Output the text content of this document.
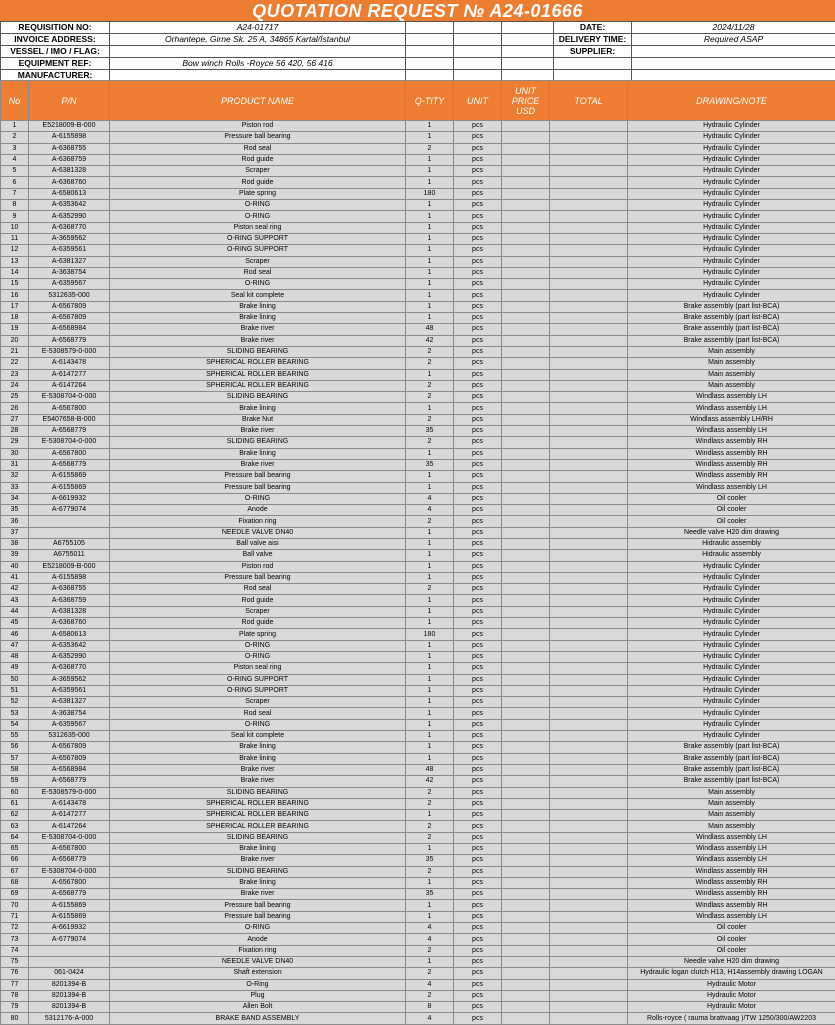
QUOTATION REQUEST № A24-01666
REQUISITION NO:	A24-01717				DATE:	2024/11/28
INVOICE ADDRESS:	Orhantepe, Girne Sk. 25 A, 34865 Kartal/İstanbul				DELIVERY TIME:	Required ASAP
VESSEL / IMO / FLAG:					SUPPLIER:	
EQUIPMENT REF:	Bow winch Rolls -Royce 56 420, 56 416					
MANUFACTURER:						
No	P/N	PRODUCT NAME	Q-TITY	UNIT	UNIT PRICE USD	TOTAL	DRAWING/NOTE
1	E5218009-B-000	Piston rod	1	pcs			Hydraulic Cylinder
2	A-6155898	Pressure ball bearing	1	pcs			Hydraulic Cylinder
3	A-6368755	Rod seal	2	pcs			Hydraulic Cylinder
4	A-6368759	Rod guide	1	pcs			Hydraulic Cylinder
5	A-6381328	Scraper	1	pcs			Hydraulic Cylinder
6	A-6368760	Rod guide	1	pcs			Hydraulic Cylinder
7	A-6580613	Plate spring	180	pcs			Hydraulic Cylinder
8	A-6353642	O-RING	1	pcs			Hydraulic Cylinder
9	A-6352990	O-RING	1	pcs			Hydraulic Cylinder
10	A-6368770	Piston seal ring	1	pcs			Hydraulic Cylinder
11	A-3659562	O-RING SUPPORT	1	pcs			Hydraulic Cylinder
12	A-6359561	O-RING SUPPORT	1	pcs			Hydraulic Cylinder
13	A-6381327	Scraper	1	pcs			Hydraulic Cylinder
14	A-3638754	Rod seal	1	pcs			Hydraulic Cylinder
15	A-6359567	O-RING	1	pcs			Hydraulic Cylinder
16	5312635-000	Seal kit complete	1	pcs			Hydraulic Cylinder
17	A-6567809	Brake lining	1	pcs			Brake assembly (part list-BCA)
18	A-6567809	Brake lining	1	pcs			Brake assembly (part list-BCA)
19	A-6568984	Brake river	48	pcs			Brake assembly (part list-BCA)
20	A-6568779	Brake river	42	pcs			Brake assembly (part list-BCA)
21	E-5308579-0-000	SLIDING BEARING	2	pcs			Main assembly
22	A-6143478	SPHERICAL ROLLER BEARING	2	pcs			Main assembly
23	A-6147277	SPHERICAL ROLLER BEARING	1	pcs			Main assembly
24	A-6147264	SPHERICAL ROLLER BEARING	2	pcs			Main assembly
25	E-5308704-0-000	SLIDING BEARING	2	pcs			Windlass assembly LH
26	A-6567800	Brake lining	1	pcs			Windlass assembly LH
27	E5407658-B-000	Brake Nut	2	pcs			Windlass assembly LH/RH
28	A-6568779	Brake river	35	pcs			Windlass assembly LH
29	E-5308704-0-000	SLIDING BEARING	2	pcs			Windlass assembly RH
30	A-6567800	Brake lining	1	pcs			Windlass assembly RH
31	A-6568779	Brake river	35	pcs			Windlass assembly RH
32	A-6155869	Pressure ball bearing	1	pcs			Windlass assembly RH
33	A-6155869	Pressure ball bearing	1	pcs			Windlass assembly LH
34	A-6619932	O-RING	4	pcs			Oil cooler
35	A-6779074	Anode	4	pcs			Oil cooler
36		Fixation ring	2	pcs			Oil cooler
37		NEEDLE VALVE DN40	1	pcs			Needle valve H20 dim drawing
38	A6755105	Ball valve aisi	1	pcs			Hidraulic assembly
39	A6755011	Ball valve	1	pcs			Hidraulic assembly
40	E5218009-B-000	Piston rod	1	pcs			Hydraulic Cylinder
41	A-6155898	Pressure ball bearing	1	pcs			Hydraulic Cylinder
42	A-6368755	Rod seal	2	pcs			Hydraulic Cylinder
43	A-6368759	Rod guide	1	pcs			Hydraulic Cylinder
44	A-6381328	Scraper	1	pcs			Hydraulic Cylinder
45	A-6368760	Rod guide	1	pcs			Hydraulic Cylinder
46	A-6580613	Plate spring	180	pcs			Hydraulic Cylinder
47	A-6353642	O-RING	1	pcs			Hydraulic Cylinder
48	A-6352990	O-RING	1	pcs			Hydraulic Cylinder
49	A-6368770	Piston seal ring	1	pcs			Hydraulic Cylinder
50	A-3659562	O-RING SUPPORT	1	pcs			Hydraulic Cylinder
51	A-6359561	O-RING SUPPORT	1	pcs			Hydraulic Cylinder
52	A-6381327	Scraper	1	pcs			Hydraulic Cylinder
53	A-3638754	Rod seal	1	pcs			Hydraulic Cylinder
54	A-6359567	O-RING	1	pcs			Hydraulic Cylinder
55	5312635-000	Seal kit complete	1	pcs			Hydraulic Cylinder
56	A-6567809	Brake lining	1	pcs			Brake assembly (part list-BCA)
57	A-6567809	Brake lining	1	pcs			Brake assembly (part list-BCA)
58	A-6568984	Brake river	48	pcs			Brake assembly (part list-BCA)
59	A-6568779	Brake river	42	pcs			Brake assembly (part list-BCA)
60	E-5308579-0-000	SLIDING BEARING	2	pcs			Main assembly
61	A-6143478	SPHERICAL ROLLER BEARING	2	pcs			Main assembly
62	A-6147277	SPHERICAL ROLLER BEARING	1	pcs			Main assembly
63	A-6147264	SPHERICAL ROLLER BEARING	2	pcs			Main assembly
64	E-5308704-0-000	SLIDING BEARING	2	pcs			Windlass assembly LH
65	A-6567800	Brake lining	1	pcs			Windlass assembly LH
66	A-6568779	Brake river	35	pcs			Windlass assembly LH
67	E-5308704-0-000	SLIDING BEARING	2	pcs			Windlass assembly RH
68	A-6567800	Brake lining	1	pcs			Windlass assembly RH
69	A-6568779	Brake river	35	pcs			Windlass assembly RH
70	A-6155869	Pressure ball bearing	1	pcs			Windlass assembly RH
71	A-6155869	Pressure ball bearing	1	pcs			Windlass assembly LH
72	A-6619932	O-RING	4	pcs			Oil cooler
73	A-6779074	Anode	4	pcs			Oil cooler
74		Fixation ring	2	pcs			Oil cooler
75		NEEDLE VALVE DN40	1	pcs			Needle valve H20 dim drawing
76	061-0424	Shaft extension	2	pcs			Hydraulic logan clutch H13, H14assembly drawing LOGAN
77	8201394-B	O-Ring	4	pcs			Hydraulic Motor
78	8201394-B	Plug	2	pcs			Hydraulic Motor
79	8201394-B	Allen Bolt	8	pcs			Hydraulic Motor
80	5312176-A-000	BRAKE BAND ASSEMBLY	4	pcs			Rolls-royce ( rauma brattvaag )/TW 1250/300/AW2203
